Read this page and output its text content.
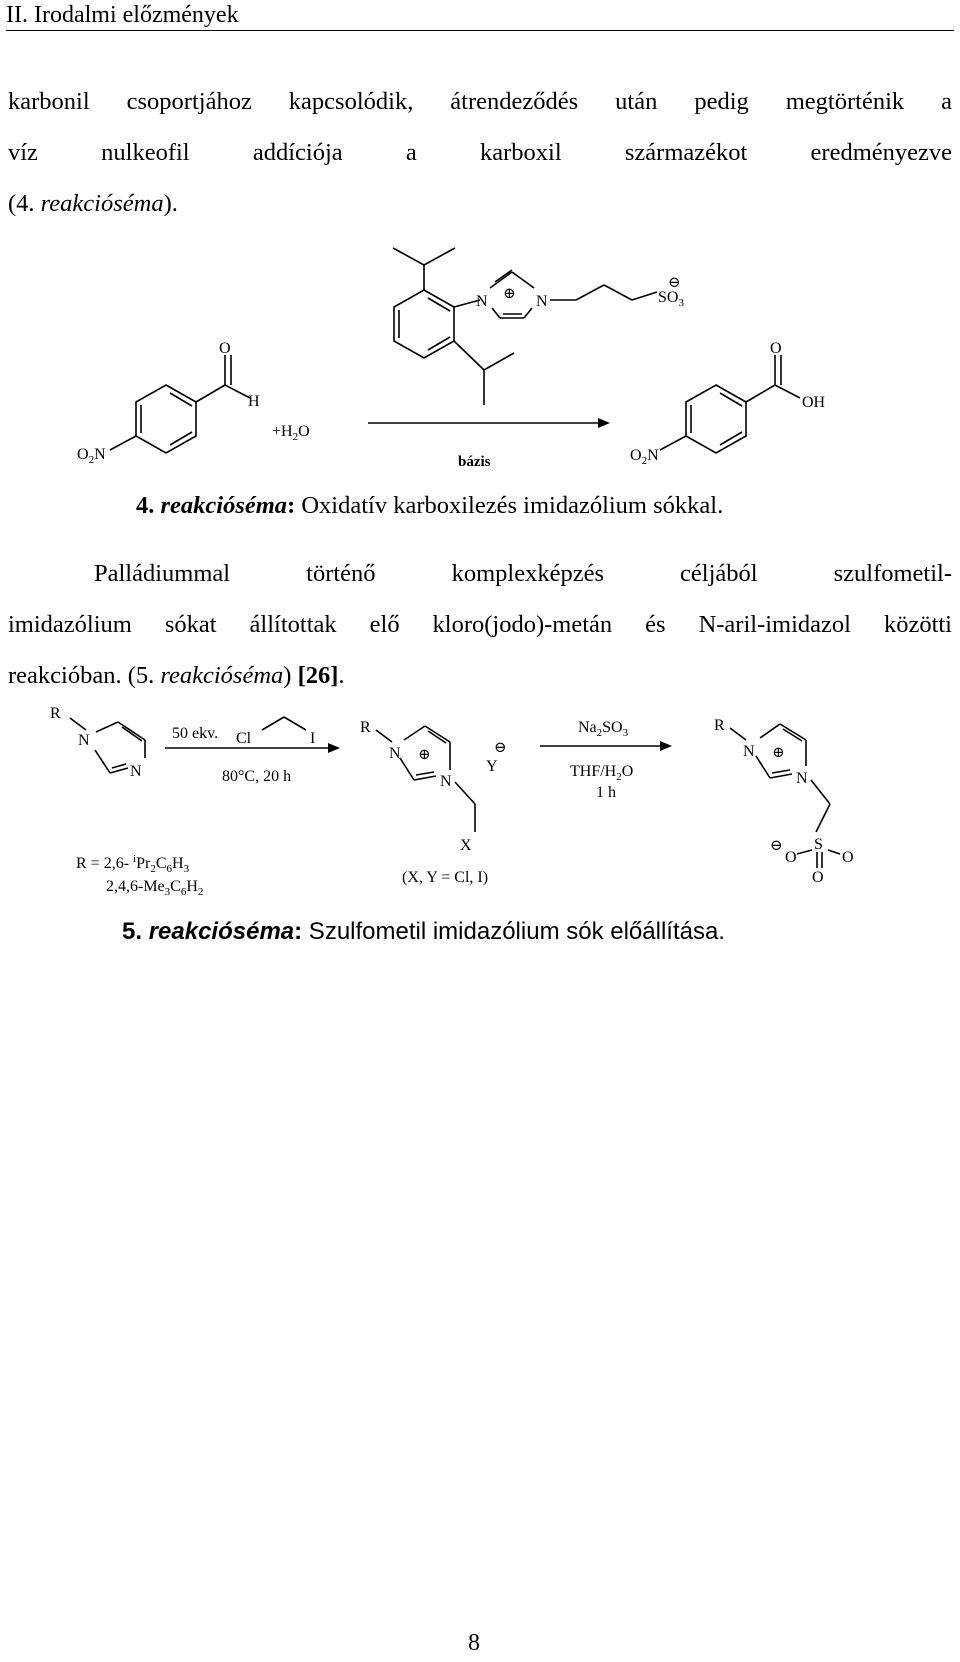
II. Irodalmi előzmények
karbonil csoportjához kapcsolódik, átrendeződés után pedig megtörténik a
víz nulkeofil addíciója a karboxil származékot eredményezve
(4. reakcióséma).
O
H
$O_2N$
$+H_2O$
bázis
N	N
⊕
⊖
$SO_3$
O
OH
$O_2N$
4. reakcióséma: Oxidatív karboxilezés imidazólium sókkal.
Palládiummal történő komplexképzés céljából szulfometil-
imidazólium sókat állítottak elő kloro(jodo)-metán és N-aril-imidazol közötti
reakcióban. (5. reakcióséma) [26].
R
N
N
50 ekv. Cl	I
80°C, 20 h
R
N ⊕
N
⊖
Y
X
(X, Y = Cl, I)
$Na_2SO_3$
THF/$H_2O$
1 h
R
N ⊕
N
S
⊖
O	O
O
R = 2,6- $^iPr_2C_6H_3$
$2,4,6-Me_3C_6H_2$
5. reakcióséma: Szulfometil imidazólium sók előállítása.
8
